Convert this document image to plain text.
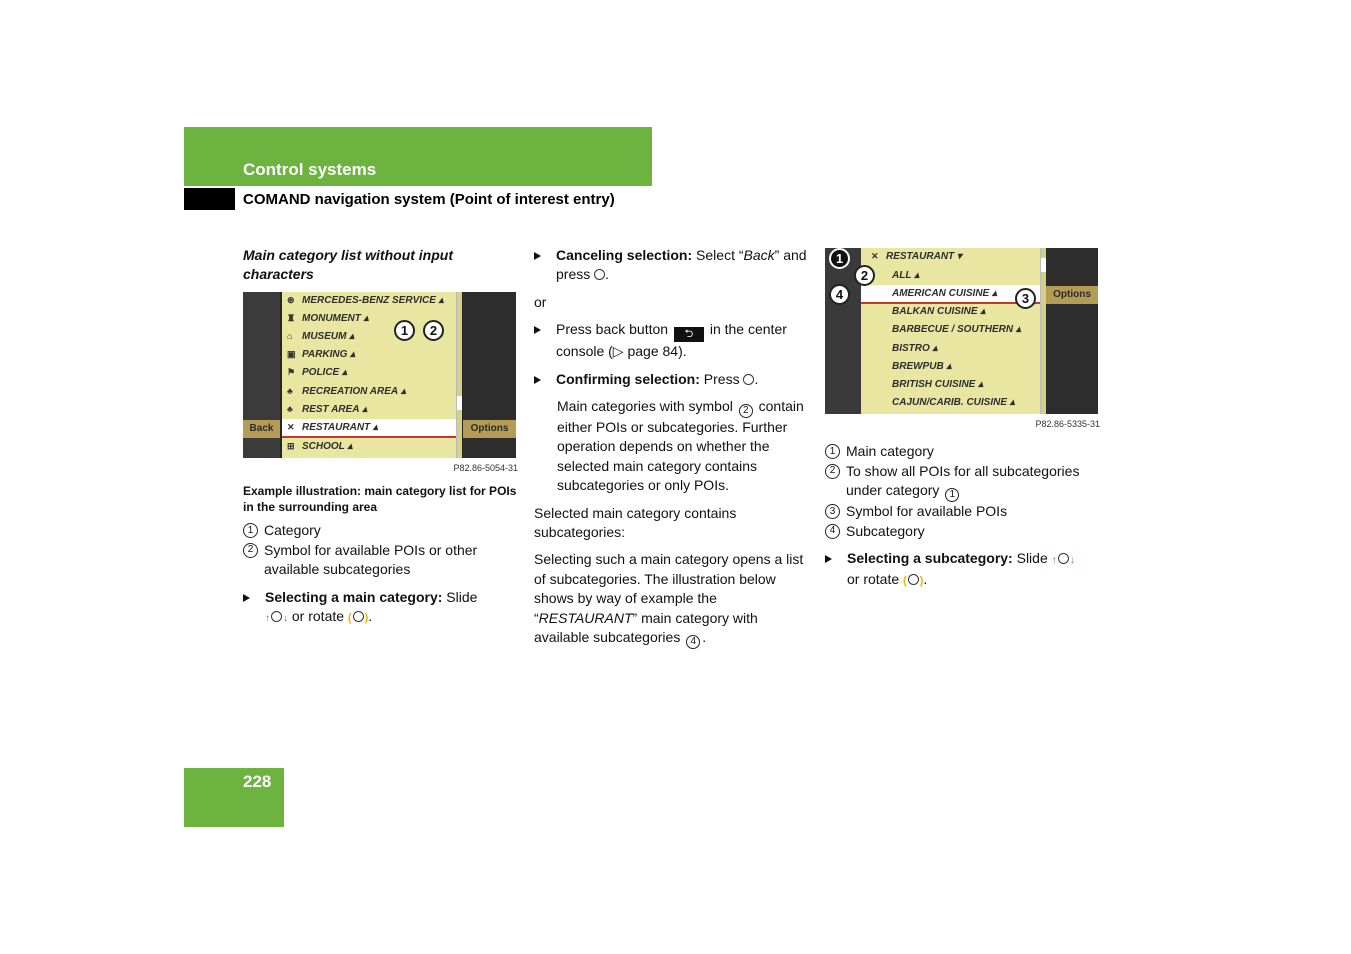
Control systems
COMAND navigation system (Point of interest entry)
Main category list without input characters
Back	Options
⊛ MERCEDES-BENZ SERVICE ▴
♜ MONUMENT ▴
⌂ MUSEUM ▴
▣ PARKING ▴
⚑ POLICE ▴
♣ RECREATION AREA ▴
♣ REST AREA ▴
✕ RESTAURANT ▴
⊞ SCHOOL ▴
1	2
P82.86-5054-31
Example illustration: main category list for POIs in the surrounding area
1 Category
2 Symbol for available POIs or other available subcategories
Selecting a main category: Slide
↑ ↓ or rotate ( ).
Canceling selection: Select “Back” and press .
or
Press back button ⮌ in the center console (▷ page 84).
Confirming selection: Press .
Main categories with symbol 2 contain either POIs or subcategories. Further operation depends on whether the selected main category contains subcategories or only POIs.
Selected main category contains subcategories:
Selecting such a main category opens a list of subcategories. The illustration below shows by way of example the “RESTAURANT” main category with available subcategories 4 .
Options
✕ RESTAURANT ▾
ALL ▴
AMERICAN CUISINE ▴
BALKAN CUISINE ▴
BARBECUE / SOUTHERN ▴
BISTRO ▴
BREWPUB ▴
BRITISH CUISINE ▴
CAJUN/CARIB. CUISINE ▴
1
2
4	3
P82.86-5335-31
1 Main category
2 To show all POIs for all subcategories under category 1
3 Symbol for available POIs
4 Subcategory
Selecting a subcategory: Slide ↑ ↓
or rotate ( ).
228
